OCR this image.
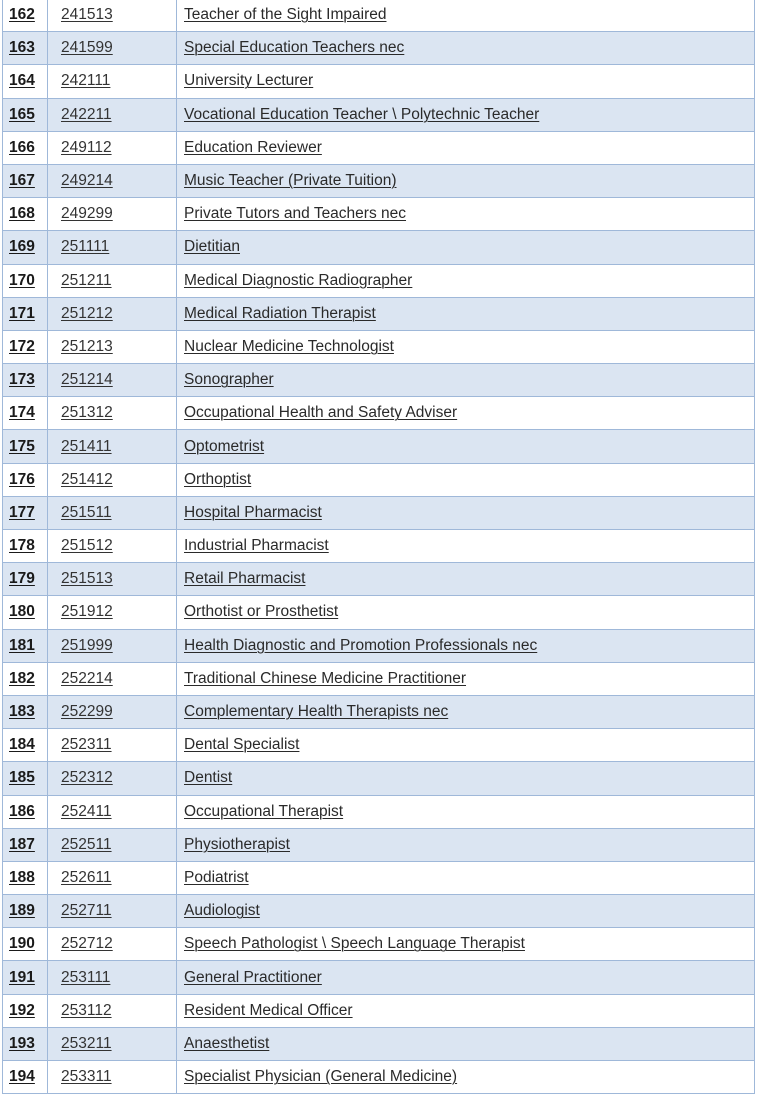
162	241513	Teacher of the Sight Impaired
163	241599	Special Education Teachers nec
164	242111	University Lecturer
165	242211	Vocational Education Teacher \ Polytechnic Teacher
166	249112	Education Reviewer
167	249214	Music Teacher (Private Tuition)
168	249299	Private Tutors and Teachers nec
169	251111	Dietitian
170	251211	Medical Diagnostic Radiographer
171	251212	Medical Radiation Therapist
172	251213	Nuclear Medicine Technologist
173	251214	Sonographer
174	251312	Occupational Health and Safety Adviser
175	251411	Optometrist
176	251412	Orthoptist
177	251511	Hospital Pharmacist
178	251512	Industrial Pharmacist
179	251513	Retail Pharmacist
180	251912	Orthotist or Prosthetist
181	251999	Health Diagnostic and Promotion Professionals nec
182	252214	Traditional Chinese Medicine Practitioner
183	252299	Complementary Health Therapists nec
184	252311	Dental Specialist
185	252312	Dentist
186	252411	Occupational Therapist
187	252511	Physiotherapist
188	252611	Podiatrist
189	252711	Audiologist
190	252712	Speech Pathologist \ Speech Language Therapist
191	253111	General Practitioner
192	253112	Resident Medical Officer
193	253211	Anaesthetist
194	253311	Specialist Physician (General Medicine)
